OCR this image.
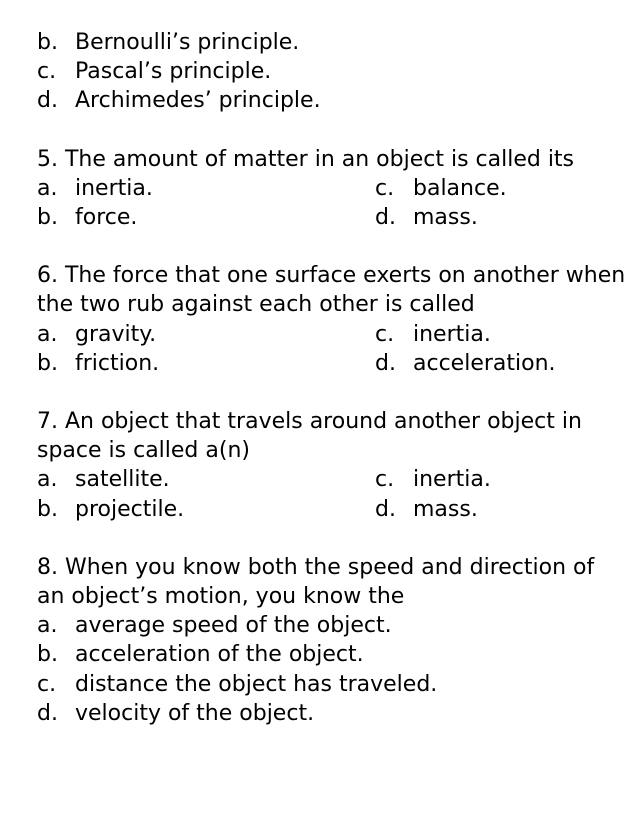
b. Bernoulli’s principle.
c. Pascal’s principle.
d. Archimedes’ principle.
5. The amount of matter in an object is called its
a. inertia.	c. balance.
b. force.	d. mass.
6. The force that one surface exerts on another when the two rub against each other is called
a. gravity.	c. inertia.
b. friction.	d. acceleration.
7. An object that travels around another object in space is called a(n)
a. satellite.	c. inertia.
b. projectile.	d. mass.
8. When you know both the speed and direction of an object’s motion, you know the
a. average speed of the object.
b. acceleration of the object.
c. distance the object has traveled.
d. velocity of the object.
